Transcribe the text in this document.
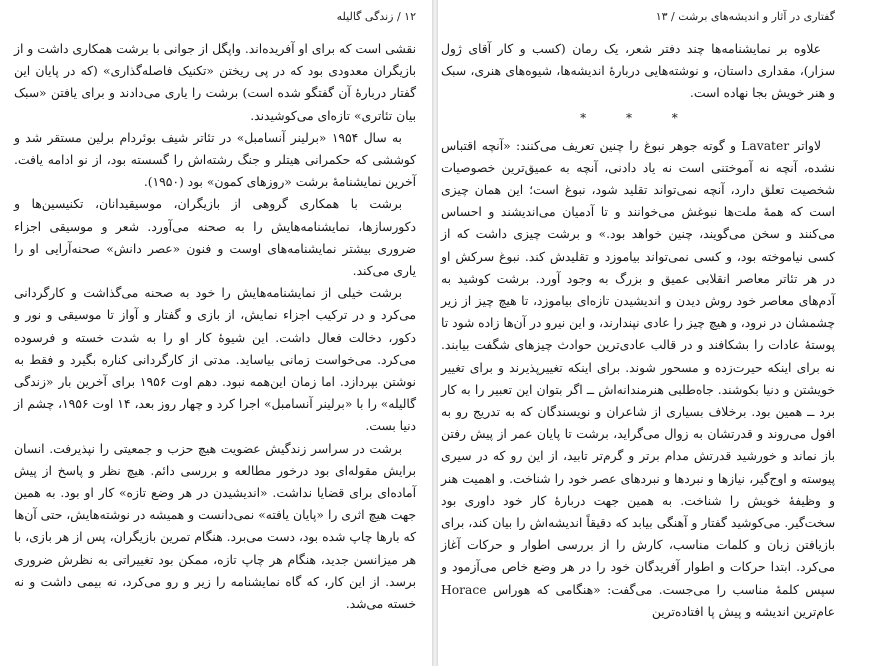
۱۲ / زندگی گالیله

نقشی است که برای او آفریده‌اند. واپگل از جوانی با برشت همکاری داشت و از بازیگران معدودی بود که در پی ریختن «تکنیک فاصله‌گذاری» (که در پایان این گفتار دربارهٔ آن گفتگو شده است) برشت را یاری می‌دادند و برای یافتن «سبک بیان تئاتری» تازه‌ای می‌کوشیدند.

به سال ۱۹۵۴ «برلینر آنسامبل» در تئاتر شیف بوئردام برلین مستقر شد و کوششی که حکمرانی هیتلر و جنگ رشته‌اش را گسسته بود، از نو ادامه یافت. آخرین نمایشنامهٔ برشت «روزهای کمون» بود (۱۹۵۰).

برشت با همکاری گروهی از بازیگران، موسیقیدانان، تکنیسین‌ها و دکورسازها، نمایشنامه‌هایش را به صحنه می‌آورد. شعر و موسیقی اجزاء ضروری بیشتر نمایشنامه‌های اوست و فنون «عصر دانش» صحنه‌آرایی او را یاری می‌کند.

برشت خیلی از نمایشنامه‌هایش را خود به صحنه می‌گذاشت و کارگردانی می‌کرد و در ترکیب اجزاء نمایش، از بازی و گفتار و آواز تا موسیقی و نور و دکور، دخالت فعال داشت. این شیوهٔ کار او را به شدت خسته و فرسوده می‌کرد. می‌خواست زمانی بیاساید. مدتی از کارگردانی کناره بگیرد و فقط به نوشتن بپردازد. اما زمان این‌همه نبود. دهم اوت ۱۹۵۶ برای آخرین بار «زندگی گالیله» را با «برلینر آنسامبل» اجرا کرد و چهار روز بعد، ۱۴ اوت ۱۹۵۶، چشم از دنیا بست.

برشت در سراسر زندگیش عضویت هیچ حزب و جمعیتی را نپذیرفت. انسان برایش مقوله‌ای بود درخور مطالعه و بررسی دائم. هیچ نظر و پاسخ از پیش آماده‌ای برای قضایا نداشت. «اندیشیدن در هر وضع تازه» کار او بود. به همین جهت هیچ اثری را «پایان یافته» نمی‌دانست و همیشه در نوشته‌هایش، حتی آن‌ها که بارها چاپ شده بود، دست می‌برد. هنگام تمرین بازیگران، پس از هر بازی، با هر میزانسن جدید، هنگام هر چاپ تازه، ممکن بود تغییراتی به نظرش ضروری برسد. از این کار، که گاه نمایشنامه را زیر و رو می‌کرد، نه بیمی داشت و نه خسته می‌شد.

گفتاری در آثار و اندیشه‌های برشت / ۱۳

علاوه بر نمایشنامه‌ها چند دفتر شعر، یک رمان (کسب و کار آقای ژول سزار)، مقداری داستان، و نوشته‌هایی دربارهٔ اندیشه‌ها، شیوه‌های هنری، سبک و هنر خویش بجا نهاده است.

* * *

لاواتر Lavater و گوته جوهر نبوغ را چنین تعریف می‌کنند: «آنچه اقتباس نشده، آنچه نه آموختنی است نه یاد دادنی، آنچه به عمیق‌ترین خصوصیات شخصیت تعلق دارد، آنچه نمی‌تواند تقلید شود، نبوغ است؛ این همان چیزی است که همهٔ ملت‌ها نبوغش می‌خوانند و تا آدمیان می‌اندیشند و احساس می‌کنند و سخن می‌گویند، چنین خواهد بود.» و برشت چیزی داشت که از کسی نیاموخته بود، و کسی نمی‌تواند بیاموزد و تقلیدش کند. نبوغ سرکش او در هر تئاتر معاصر انقلابی عمیق و بزرگ به وجود آورد. برشت کوشید به آدم‌های معاصر خود روش دیدن و اندیشیدن تازه‌ای بیاموزد، تا هیچ چیز از زیر چشمشان در نرود، و هیچ چیز را عادی نپندارند، و این نیرو در آن‌ها زاده شود تا پوستهٔ عادات را بشکافند و در قالب عادی‌ترین حوادث چیزهای شگفت بیابند. نه برای اینکه حیرت‌زده و مسحور شوند. برای اینکه تغییرپذیرند و برای تغییر خویشتن و دنیا بکوشند. جاه‌طلبی هنرمندانه‌اش ــ اگر بتوان این تعبیر را به کار برد ــ همین بود. برخلاف بسیاری از شاعران و نویسندگان که به تدریج رو به افول می‌روند و قدرتشان به زوال می‌گراید، برشت تا پایان عمر از پیش رفتن باز نماند و خورشید قدرتش مدام برتر و گرم‌تر تابید، از این رو که در سیری پیوسته و اوج‌گیر، نیازها و نبردها و نبردهای عصر خود را شناخت. و اهمیت هنر و وظیفهٔ خویش را شناخت. به همین جهت دربارهٔ کار خود داوری بود سخت‌گیر. می‌کوشید گفتار و آهنگی بیابد که دقیقاً اندیشه‌اش را بیان کند، برای بازیافتن زبان و کلمات مناسب، کارش را از بررسی اطوار و حرکات آغاز می‌کرد. ابتدا حرکات و اطوار آفریدگان خود را در هر وضع خاص می‌آزمود و سپس کلمهٔ مناسب را می‌جست. می‌گفت: «هنگامی که هوراس Horace عام‌ترین اندیشه و پیش پا افتاده‌ترین
